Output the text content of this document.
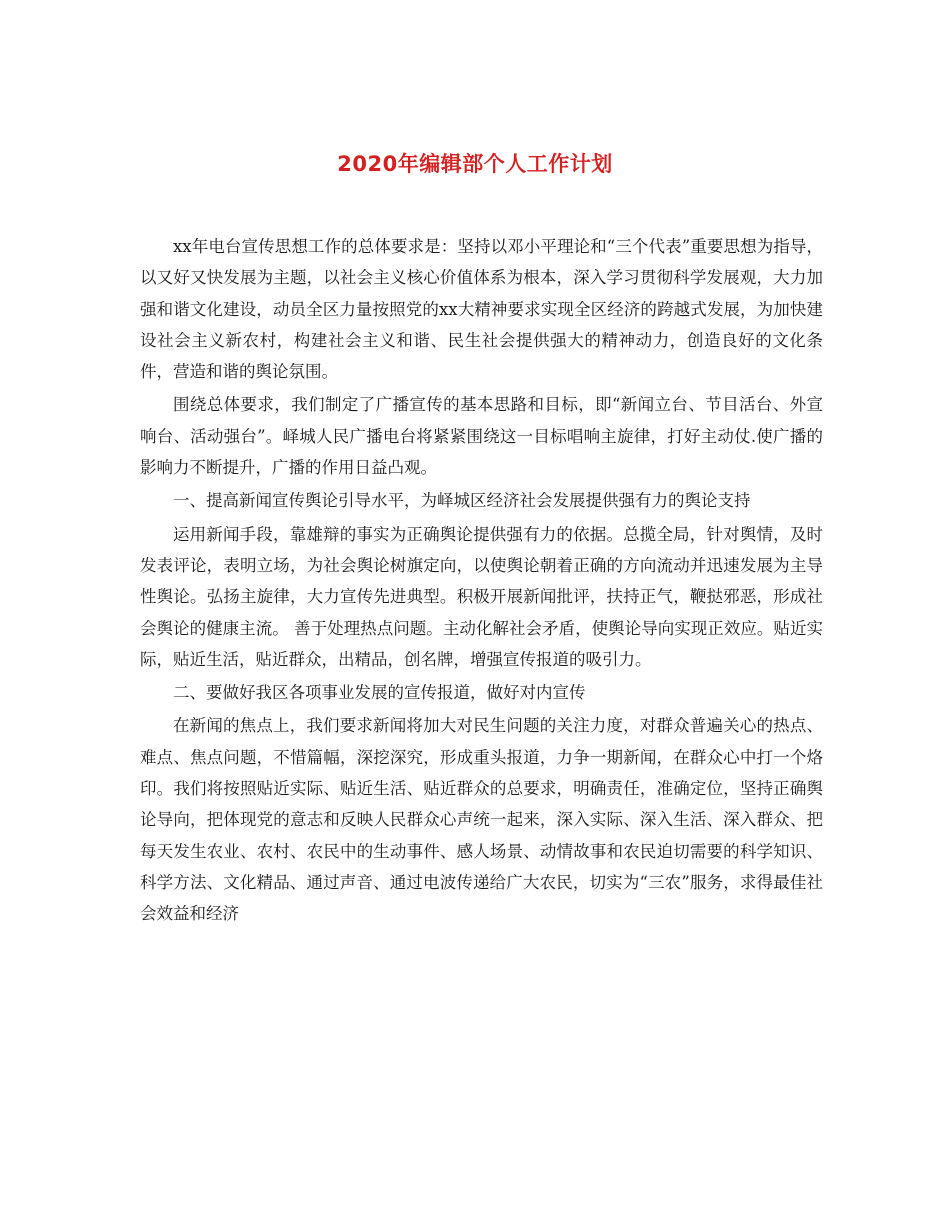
2020年编辑部个人工作计划

xx年电台宣传思想工作的总体要求是：坚持以邓小平理论和“三个代表”重要思想为指导，以又好又快发展为主题，以社会主义核心价值体系为根本，深入学习贯彻科学发展观，大力加强和谐文化建设，动员全区力量按照党的xx大精神要求实现全区经济的跨越式发展，为加快建设社会主义新农村，构建社会主义和谐、民生社会提供强大的精神动力，创造良好的文化条件，营造和谐的舆论氛围。

围绕总体要求，我们制定了广播宣传的基本思路和目标，即“新闻立台、节目活台、外宣响台、活动强台”。峄城人民广播电台将紧紧围绕这一目标唱响主旋律，打好主动仗.使广播的影响力不断提升，广播的作用日益凸观。

一、提高新闻宣传舆论引导水平，为峄城区经济社会发展提供强有力的舆论支持

运用新闻手段，靠雄辩的事实为正确舆论提供强有力的依据。总揽全局，针对舆情，及时发表评论，表明立场，为社会舆论树旗定向，以使舆论朝着正确的方向流动并迅速发展为主导性舆论。弘扬主旋律，大力宣传先进典型。积极开展新闻批评，扶持正气，鞭挞邪恶，形成社会舆论的健康主流。 善于处理热点问题。主动化解社会矛盾，使舆论导向实现正效应。贴近实际，贴近生活，贴近群众，出精品，创名牌，增强宣传报道的吸引力。

二、要做好我区各项事业发展的宣传报道，做好对内宣传

在新闻的焦点上，我们要求新闻将加大对民生问题的关注力度，对群众普遍关心的热点、难点、焦点问题，不惜篇幅，深挖深究，形成重头报道，力争一期新闻，在群众心中打一个烙印。我们将按照贴近实际、贴近生活、贴近群众的总要求，明确责任，准确定位，坚持正确舆论导向，把体现党的意志和反映人民群众心声统一起来，深入实际、深入生活、深入群众、把每天发生农业、农村、农民中的生动事件、感人场景、动情故事和农民迫切需要的科学知识、科学方法、文化精品、通过声音、通过电波传递给广大农民，切实为“三农”服务，求得最佳社会效益和经济
